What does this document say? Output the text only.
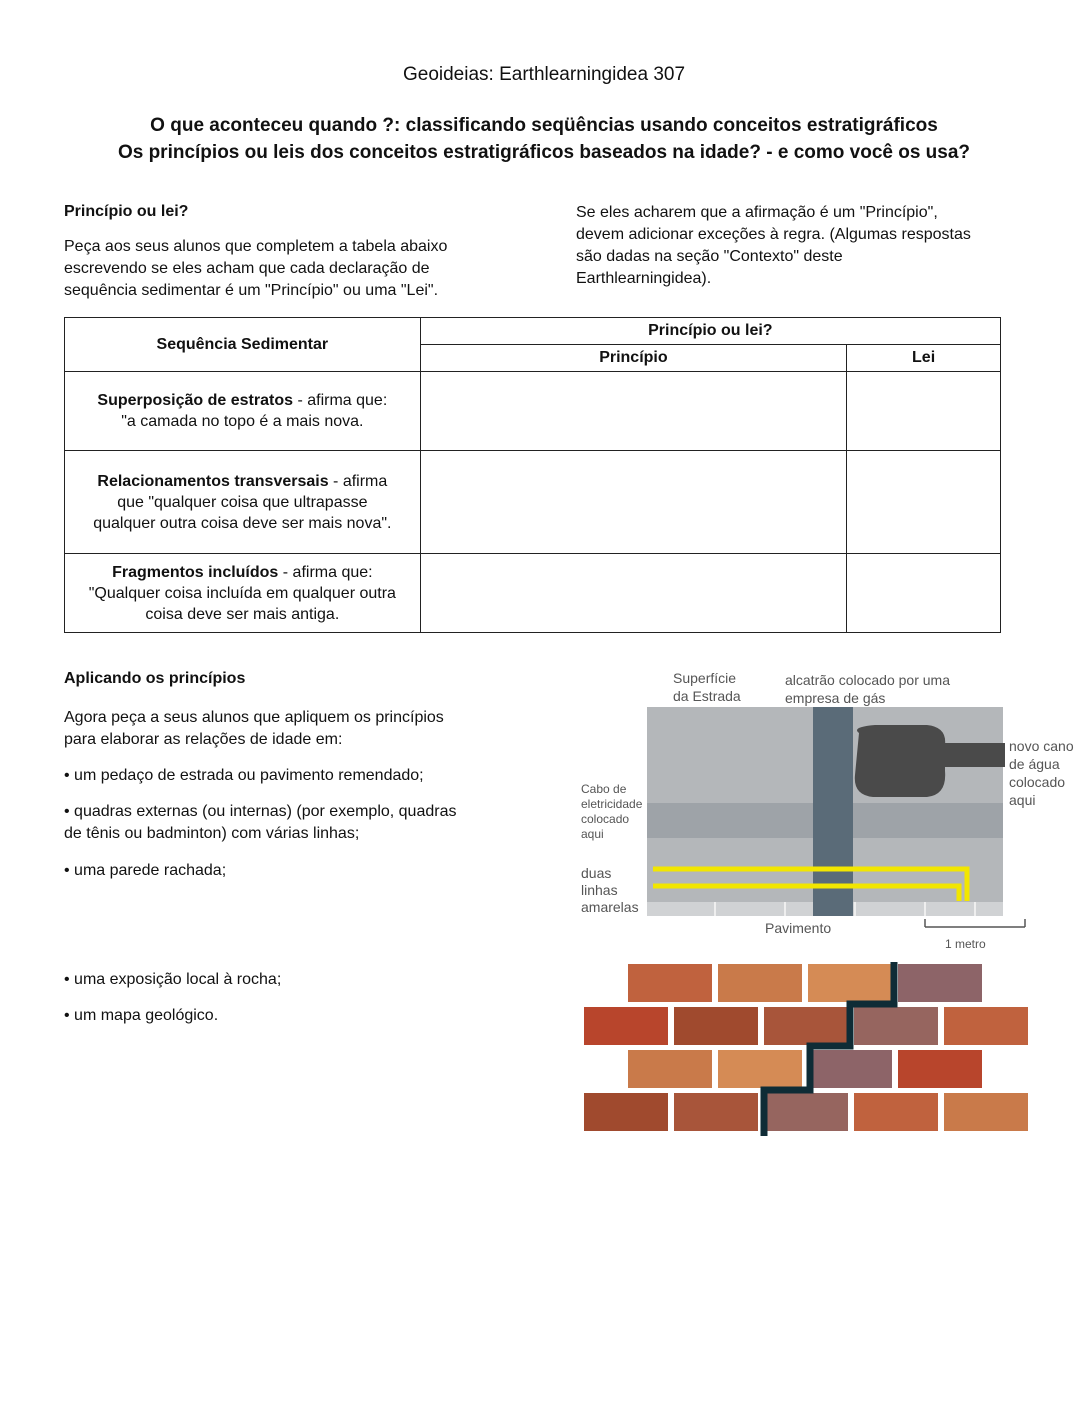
Geoideias: Earthlearningidea 307
O que aconteceu quando ?: classificando seqüências usando conceitos estratigráficos
Os princípios ou leis dos conceitos estratigráficos baseados na idade? - e como você os usa?
Princípio ou lei?
Peça aos seus alunos que completem a tabela abaixo
escrevendo se eles acham que cada declaração de
sequência sedimentar é um "Princípio" ou uma "Lei".
Se eles acharem que a afirmação é um "Princípio",
devem adicionar exceções à regra. (Algumas respostas
são dadas na seção "Contexto" deste
Earthlearningidea).
Sequência Sedimentar	Princípio ou lei?	
	Princípio	Lei

Superposição de estratos - afirma que:
"a camada no topo é a mais nova.		

Relacionamentos transversais - afirma
que "qualquer coisa que ultrapasse
qualquer outra coisa deve ser mais nova".		

Fragmentos incluídos - afirma que:
"Qualquer coisa incluída em qualquer outra
coisa deve ser mais antiga.		

Aplicando os princípios
Agora peça a seus alunos que apliquem os princípios
para elaborar as relações de idade em:
• um pedaço de estrada ou pavimento remendado;
• quadras externas (ou internas) (por exemplo, quadras
de tênis ou badminton) com várias linhas;
• uma parede rachada;
• uma exposição local à rocha;
• um mapa geológico.
Superfície
da Estrada
alcatrão colocado por uma
empresa de gás
novo cano
de água
colocado
aqui
Cabo de
eletricidade
colocado
aqui
duas
linhas
amarelas
Pavimento
1 metro
